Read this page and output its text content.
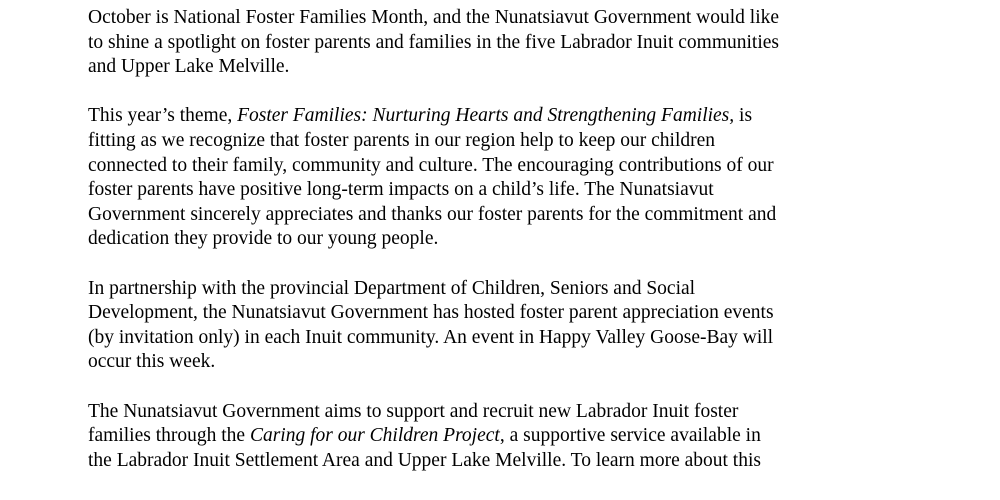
October is National Foster Families Month, and the Nunatsiavut Government would like
to shine a spotlight on foster parents and families in the five Labrador Inuit communities
and Upper Lake Melville.

This year’s theme, Foster Families: Nurturing Hearts and Strengthening Families, is
fitting as we recognize that foster parents in our region help to keep our children
connected to their family, community and culture. The encouraging contributions of our
foster parents have positive long-term impacts on a child’s life. The Nunatsiavut
Government sincerely appreciates and thanks our foster parents for the commitment and
dedication they provide to our young people.

In partnership with the provincial Department of Children, Seniors and Social
Development, the Nunatsiavut Government has hosted foster parent appreciation events
(by invitation only) in each Inuit community. An event in Happy Valley Goose-Bay will
occur this week.

The Nunatsiavut Government aims to support and recruit new Labrador Inuit foster
families through the Caring for our Children Project, a supportive service available in
the Labrador Inuit Settlement Area and Upper Lake Melville. To learn more about this
